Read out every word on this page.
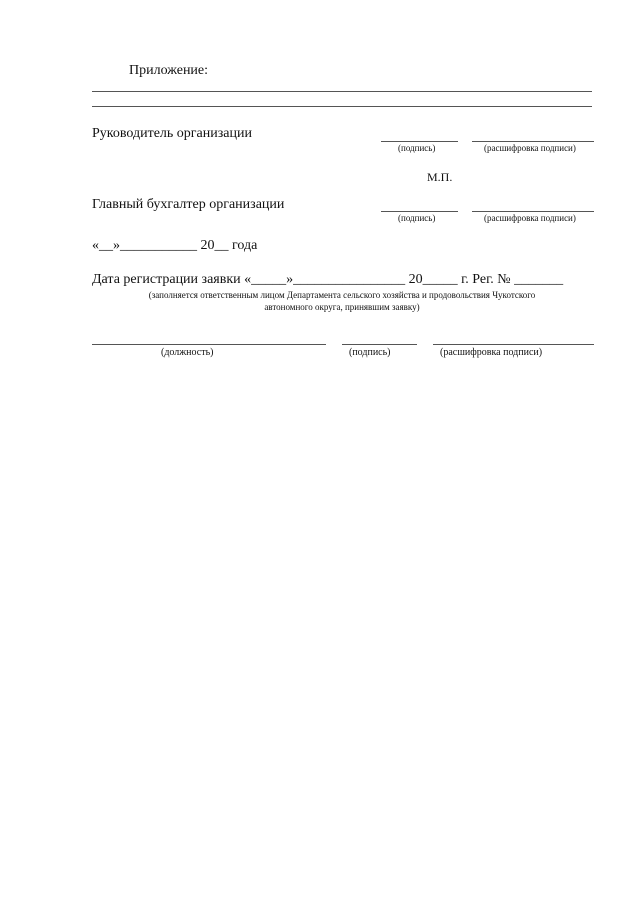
Приложение:
Руководитель организации
(подпись)	(расшифровка подписи)
М.П.
Главный бухгалтер организации
(подпись)	(расшифровка подписи)
«__»___________ 20__ года
Дата регистрации заявки «_____»________________ 20_____ г. Рег. № _______
(заполняется ответственным лицом Департамента сельского хозяйства и продовольствия Чукотского
автономного округа, принявшим заявку)
(должность)	(подпись)	(расшифровка подписи)
